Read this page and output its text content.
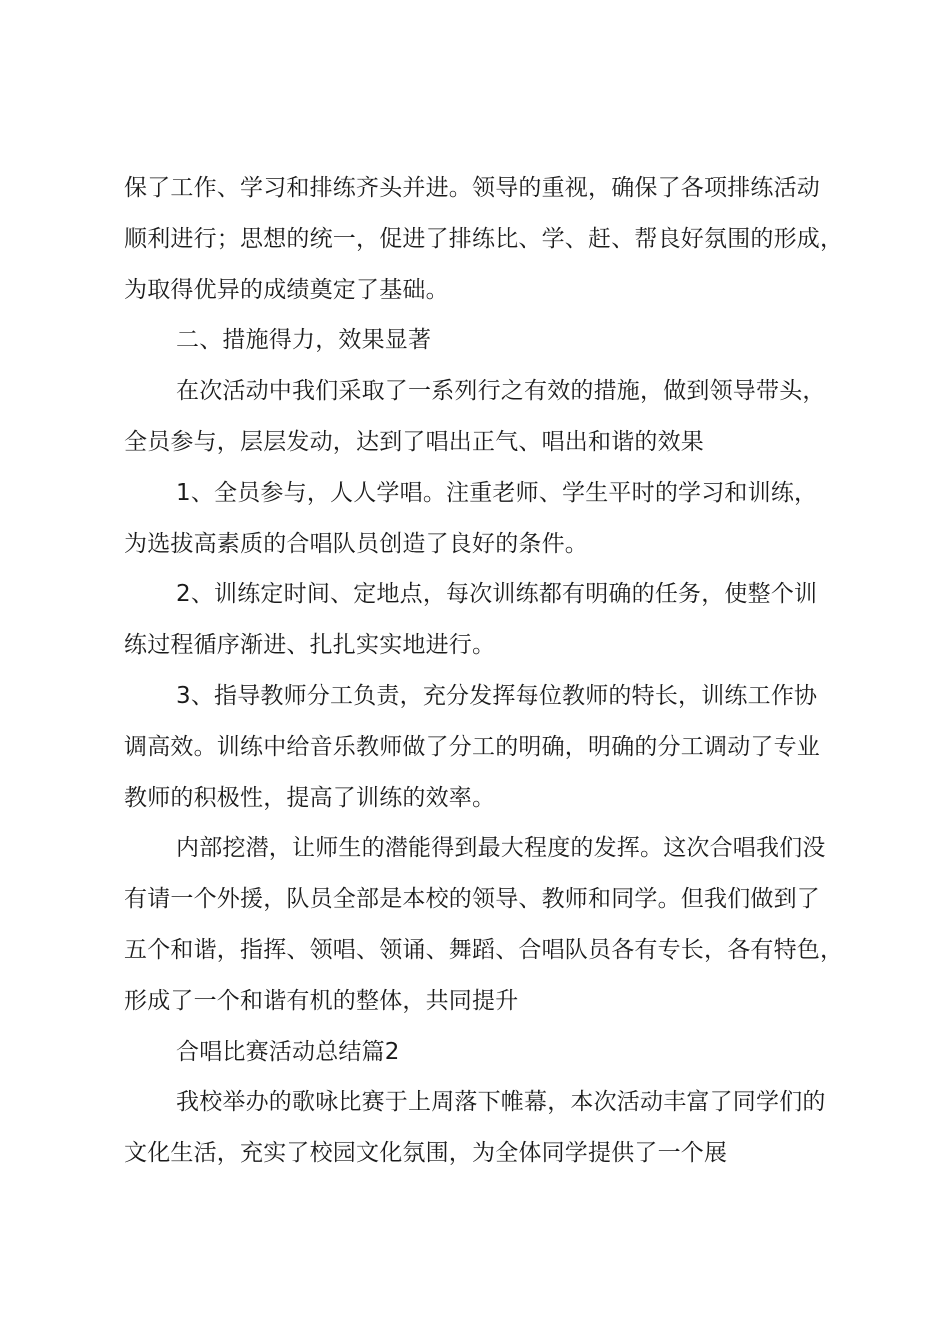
保了工作、学习和排练齐头并进。领导的重视，确保了各项排练活动
顺利进行；思想的统一，促进了排练比、学、赶、帮良好氛围的形成，
为取得优异的成绩奠定了基础。

二、措施得力，效果显著

在次活动中我们采取了一系列行之有效的措施，做到领导带头，
全员参与，层层发动，达到了唱出正气、唱出和谐的效果

1、全员参与，人人学唱。注重老师、学生平时的学习和训练，
为选拔高素质的合唱队员创造了良好的条件。

2、训练定时间、定地点，每次训练都有明确的任务，使整个训
练过程循序渐进、扎扎实实地进行。

3、指导教师分工负责，充分发挥每位教师的特长，训练工作协
调高效。训练中给音乐教师做了分工的明确，明确的分工调动了专业
教师的积极性，提高了训练的效率。

内部挖潜，让师生的潜能得到最大程度的发挥。这次合唱我们没
有请一个外援，队员全部是本校的领导、教师和同学。但我们做到了
五个和谐，指挥、领唱、领诵、舞蹈、合唱队员各有专长，各有特色，
形成了一个和谐有机的整体，共同提升

合唱比赛活动总结篇2

我校举办的歌咏比赛于上周落下帷幕，本次活动丰富了同学们的
文化生活，充实了校园文化氛围，为全体同学提供了一个展
